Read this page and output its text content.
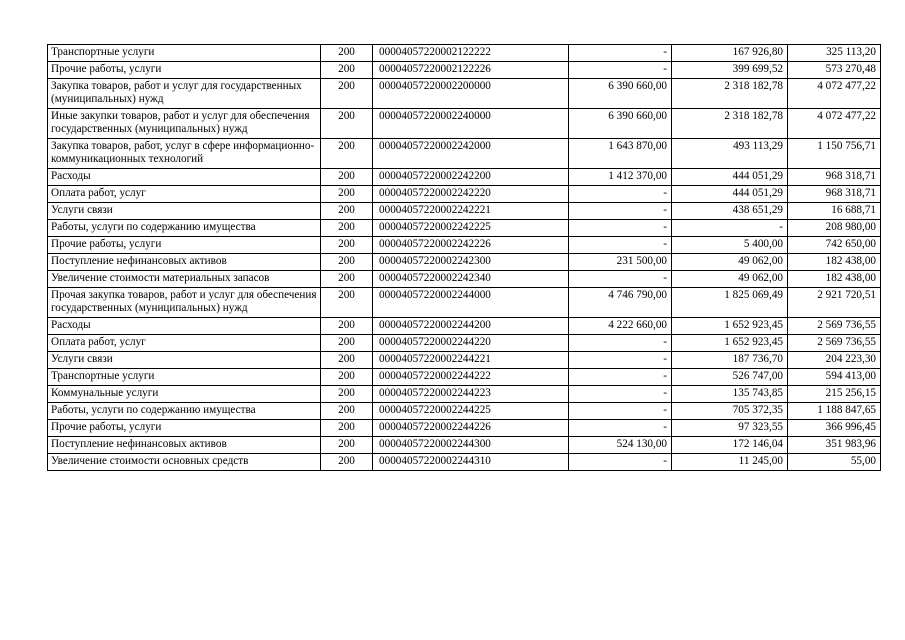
Транспортные услуги	200	00004057220002122222	-	167 926,80	325 113,20
Прочие работы, услуги	200	00004057220002122226	-	399 699,52	573 270,48
Закупка товаров, работ и услуг для государственных (муниципальных) нужд	200	00004057220002200000	6 390 660,00	2 318 182,78	4 072 477,22
Иные закупки товаров, работ и услуг для обеспечения государственных (муниципальных) нужд	200	00004057220002240000	6 390 660,00	2 318 182,78	4 072 477,22
Закупка товаров, работ, услуг в сфере информационно-коммуникационных технологий	200	00004057220002242000	1 643 870,00	493 113,29	1 150 756,71
Расходы	200	00004057220002242200	1 412 370,00	444 051,29	968 318,71
Оплата работ, услуг	200	00004057220002242220	-	444 051,29	968 318,71
Услуги связи	200	00004057220002242221	-	438 651,29	16 688,71
Работы, услуги по содержанию имущества	200	00004057220002242225	-	-	208 980,00
Прочие работы, услуги	200	00004057220002242226	-	5 400,00	742 650,00
Поступление нефинансовых активов	200	00004057220002242300	231 500,00	49 062,00	182 438,00
Увеличение стоимости материальных запасов	200	00004057220002242340	-	49 062,00	182 438,00
Прочая закупка товаров, работ и услуг для обеспечения государственных (муниципальных) нужд	200	00004057220002244000	4 746 790,00	1 825 069,49	2 921 720,51
Расходы	200	00004057220002244200	4 222 660,00	1 652 923,45	2 569 736,55
Оплата работ, услуг	200	00004057220002244220	-	1 652 923,45	2 569 736,55
Услуги связи	200	00004057220002244221	-	187 736,70	204 223,30
Транспортные услуги	200	00004057220002244222	-	526 747,00	594 413,00
Коммунальные услуги	200	00004057220002244223	-	135 743,85	215 256,15
Работы, услуги по содержанию имущества	200	00004057220002244225	-	705 372,35	1 188 847,65
Прочие работы, услуги	200	00004057220002244226	-	97 323,55	366 996,45
Поступление нефинансовых активов	200	00004057220002244300	524 130,00	172 146,04	351 983,96
Увеличение стоимости основных средств	200	00004057220002244310	-	11 245,00	55,00
